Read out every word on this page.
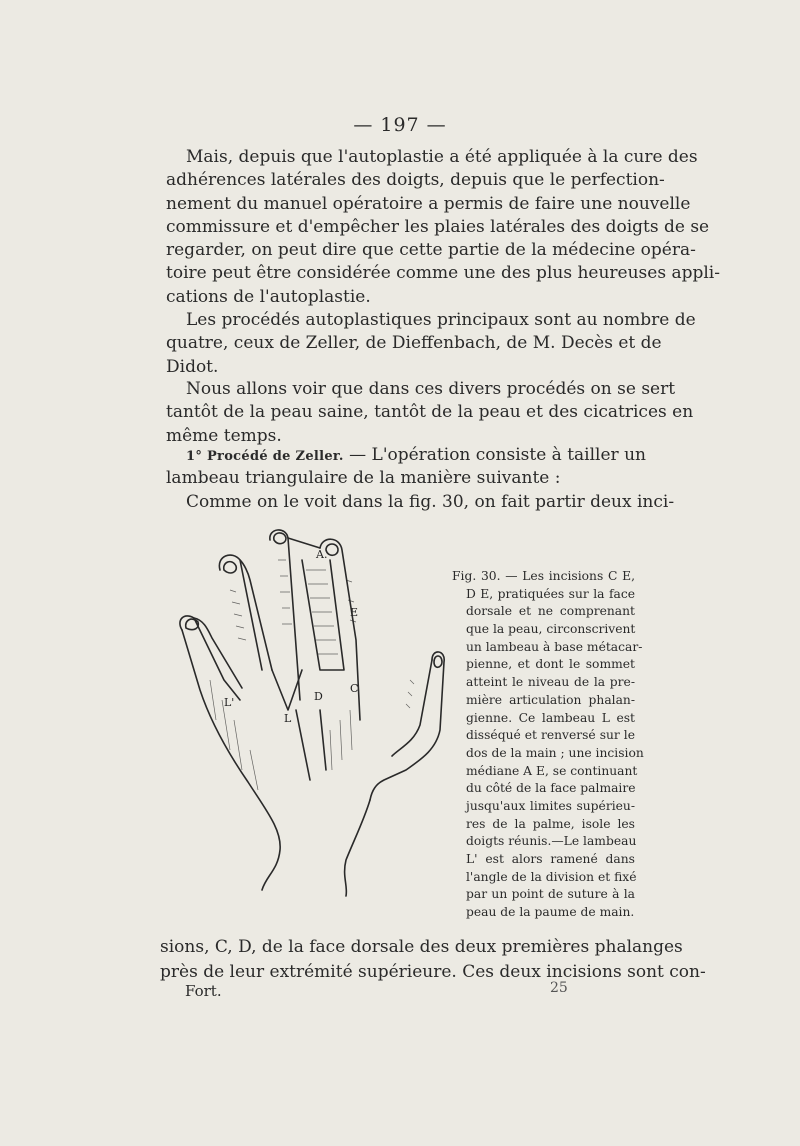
— 197 —
Mais, depuis que l'autoplastie a été appliquée à la cure des
adhérences latérales des doigts, depuis que le perfection-
nement du manuel opératoire a permis de faire une nouvelle
commissure et d'empêcher les plaies latérales des doigts de se
regarder, on peut dire que cette partie de la médecine opéra-
toire peut être considérée comme une des plus heureuses appli-
cations de l'autoplastie.
Les procédés autoplastiques principaux sont au nombre de
quatre, ceux de Zeller, de Dieffenbach, de M. Decès et de
Didot.
Nous allons voir que dans ces divers procédés on se sert
tantôt de la peau saine, tantôt de la peau et des cicatrices en
même temps.
1° Procédé de Zeller. — L'opération consiste à tailler un
lambeau triangulaire de la manière suivante :
Comme on le voit dans la fig. 30, on fait partir deux inci-
A.
E
C
D
L
L'
Fig. 30. — Les incisions C E,
D E, pratiquées sur la face
dorsale et ne comprenant
que la peau, circonscrivent
un lambeau à base métacar-
pienne, et dont le sommet
atteint le niveau de la pre-
mière articulation phalan-
gienne. Ce lambeau L est
disséqué et renversé sur le
dos de la main ; une incision
médiane A E, se continuant
du côté de la face palmaire
jusqu'aux limites supérieu-
res de la palme, isole les
doigts réunis.—Le lambeau
L' est alors ramené dans
l'angle de la division et fixé
par un point de suture à la
peau de la paume de main.
sions, C, D, de la face dorsale des deux premières phalanges
près de leur extrémité supérieure. Ces deux incisions sont con-
Fort.	25
